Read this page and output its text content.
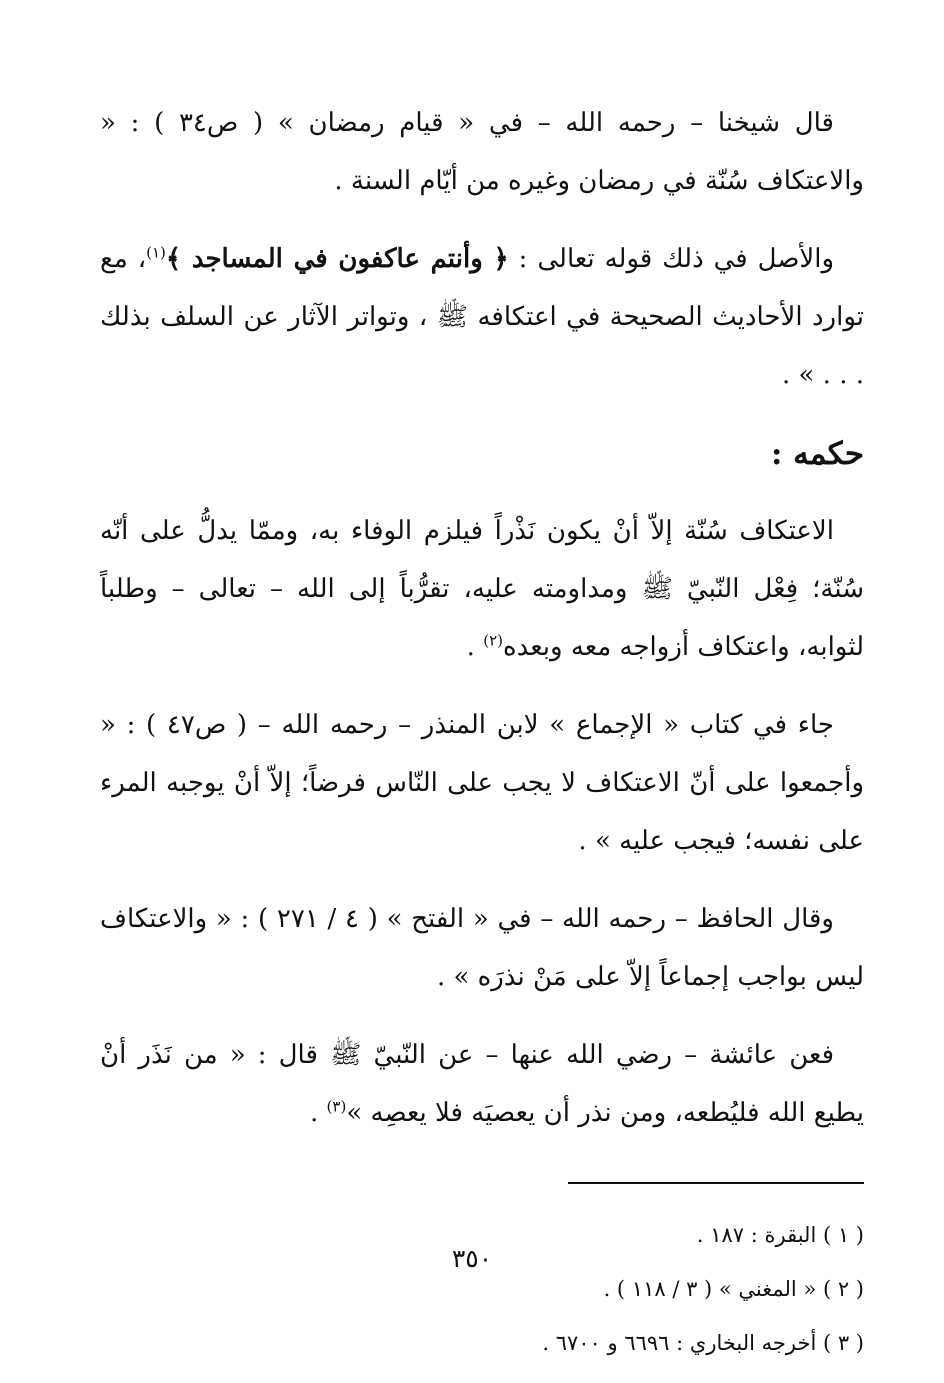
قال شيخنا – رحمه الله – في « قيام رمضان » ( ص٣٤ ) : « والاعتكاف سُنّة في رمضان وغيره من أيّام السنة .

والأصل في ذلك قوله تعالى : ﴿ وأنتم عاكفون في المساجد ﴾$^{(١)}$، مع توارد الأحاديث الصحيحة في اعتكافه ﷺ ، وتواتر الآثار عن السلف بذلك . . . » .

حكمه :

الاعتكاف سُنّة إلاّ أنْ يكون نَذْراً فيلزم الوفاء به، وممّا يدلُّ على أنّه سُنّة؛ فِعْل النّبيّ ﷺ ومداومته عليه، تقرُّباً إلى الله – تعالى – وطلباً لثوابه، واعتكاف أزواجه معه وبعده$^{(٢)}$ .

جاء في كتاب « الإجماع » لابن المنذر – رحمه الله – ( ص٤٧ ) : « وأجمعوا على أنّ الاعتكاف لا يجب على النّاس فرضاً؛ إلاّ أنْ يوجبه المرء على نفسه؛ فيجب عليه » .

وقال الحافظ – رحمه الله – في « الفتح » ( ٤ / ٢٧١ ) : « والاعتكاف ليس بواجب إجماعاً إلاّ على مَنْ نذرَه » .

فعن عائشة – رضي الله عنها – عن النّبيّ ﷺ قال : « من نَذَر أنْ يطيع الله فليُطعه، ومن نذر أن يعصيَه فلا يعصِه »$^{(٣)}$ .

( ١ ) البقرة : ١٨٧ .

( ٢ ) « المغني » ( ٣ / ١١٨ ) .

( ٣ ) أخرجه البخاري : ٦٦٩٦ و ٦٧٠٠ .

٣٥٠
